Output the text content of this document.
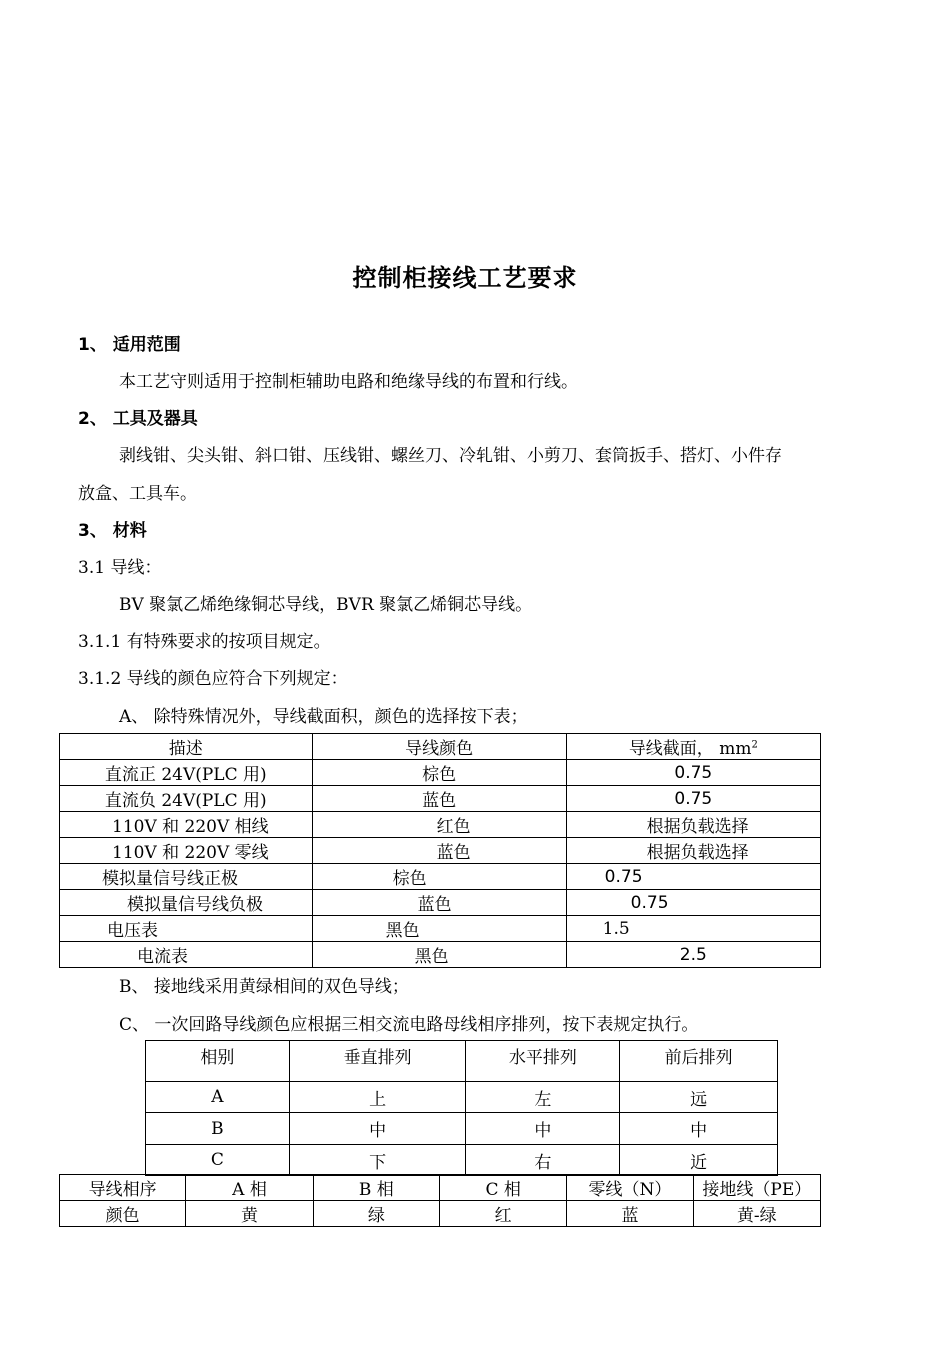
控制柜接线工艺要求
1、 适用范围
本工艺守则适用于控制柜辅助电路和绝缘导线的布置和行线。
2、 工具及器具
剥线钳、尖头钳、斜口钳、压线钳、螺丝刀、冷轧钳、小剪刀、套筒扳手、搭灯、小件存
放盒、工具车。
3、 材料
3.1 导线：
BV 聚氯乙烯绝缘铜芯导线，BVR 聚氯乙烯铜芯导线。
3.1.1 有特殊要求的按项目规定。
3.1.2 导线的颜色应符合下列规定：
A、 除特殊情况外，导线截面积，颜色的选择按下表；
描述	导线颜色	导线截面， $mm^2$
直流正 24V(PLC 用)	棕色	0.75
直流负 24V(PLC 用)	蓝色	0.75
110V 和 220V 相线	红色	根据负载选择
110V 和 220V 零线	蓝色	根据负载选择
模拟量信号线正极	棕色	0.75
模拟量信号线负极	蓝色	0.75
电压表	黑色	1.5
电流表	黑色	2.5
B、 接地线采用黄绿相间的双色导线；
C、 一次回路导线颜色应根据三相交流电路母线相序排列，按下表规定执行。
相别	垂直排列	水平排列	前后排列
A	上	左	远
B	中	中	中
C	下	右	近
导线相序	A 相	B 相	C 相	零线（N）	接地线（PE）
颜色	黄	绿	红	蓝	黄-绿
